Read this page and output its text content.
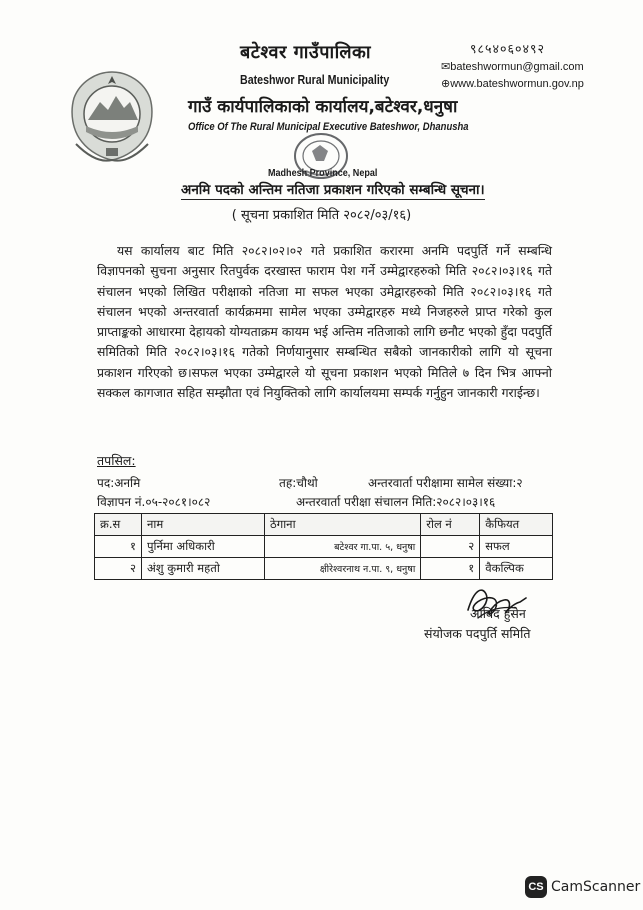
बटेश्वर गाउँपालिका
Bateshwor Rural Municipality
गाउँ कार्यपालिकाको कार्यालय,बटेश्वर,धनुषा
Office Of The Rural Municipal Executive Bateshwor, Dhanusha
Madhesh Province, Nepal
९८५४०६०४९२
✉bateshwormun@gmail.com
⊕www.bateshwormun.gov.np
अनमि पदको अन्तिम नतिजा प्रकाशन गरिएको सम्बन्धि सूचना।
( सूचना प्रकाशित मिति २०८२/०३/१६)
यस कार्यालय बाट मिति २०८२।०२।०२ गते प्रकाशित करारमा अनमि पदपुर्ति गर्ने सम्बन्धि विज्ञापनको सुचना अनुसार रितपुर्वक दरखास्त फाराम पेश गर्ने उम्मेद्वारहरुको मिति २०८२।०३।१६ गते संचालन भएको लिखित परीक्षाको नतिजा मा सफल भएका उमेद्वारहरुको मिति २०८२।०३।१६ गते संचालन भएको अन्तरवार्ता कार्यक्रममा सामेल भएका उम्मेद्वारहरु मध्ये निजहरुले प्राप्त गरेको कुल प्राप्ताङ्कको आधारमा देहायको योग्यताक्रम कायम भई अन्तिम नतिजाको लागि छनौट भएको हुँदा पदपुर्ति समितिको मिति २०८२।०३।१६ गतेको निर्णयानुसार सम्बन्धित सबैको जानकारीको लागि यो सूचना प्रकाशन गरिएको छ।सफल भएका उम्मेद्वारले यो सूचना प्रकाशन भएको मितिले ७ दिन भित्र आफ्नो सक्कल कागजात सहित सम्झौता एवं नियुक्तिको लागि कार्यालयमा सम्पर्क गर्नुहुन जानकारी गराईन्छ।
तपसिल:
पद:अनमि	तह:चौथो	अन्तरवार्ता परीक्षामा सामेल संख्या:२
विज्ञापन नं.०५-२०८१।०८२	अन्तरवार्ता परीक्षा संचालन मिति:२०८२।०३।१६
क्र.स	नाम	ठेगाना	रोल नं	कैफियत
१	पुर्निमा अधिकारी	बटेश्वर गा.पा. ५, धनुषा	२	सफल
२	अंशु कुमारी महतो	क्षीरेश्वरनाथ न.पा. ९, धनुषा	१	वैकल्पिक
आबिद हुसेन
संयोजक पदपुर्ति समिति
CS CamScanner
